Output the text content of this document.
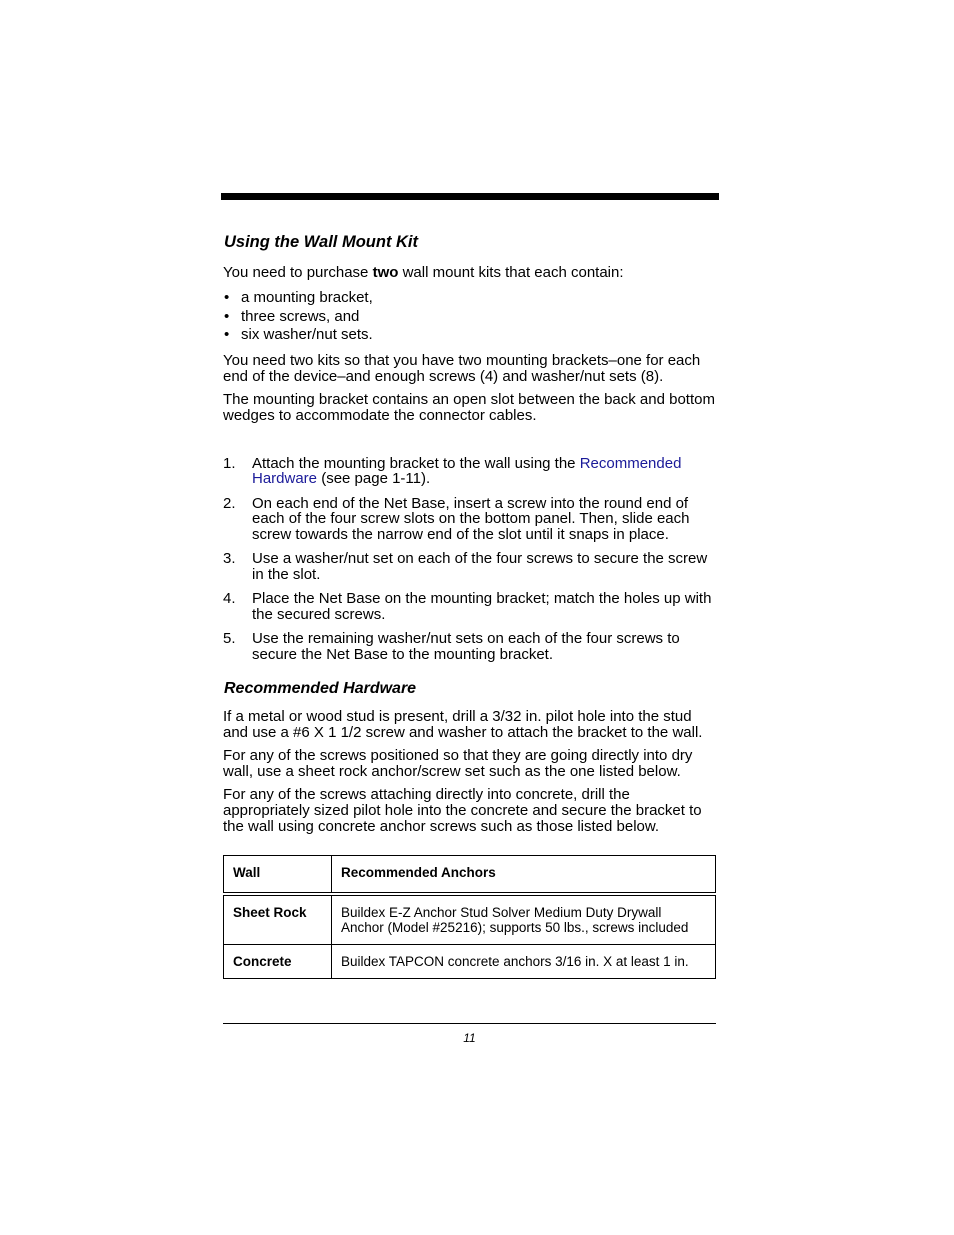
Using the Wall Mount Kit

You need to purchase two wall mount kits that each contain:

• a mounting bracket,
• three screws, and
• six washer/nut sets.

You need two kits so that you have two mounting brackets–one for each end of the device–and enough screws (4) and washer/nut sets (8).

The mounting bracket contains an open slot between the back and bottom wedges to accommodate the connector cables.

1. Attach the mounting bracket to the wall using the Recommended Hardware (see page 1-11).
2. On each end of the Net Base, insert a screw into the round end of each of the four screw slots on the bottom panel. Then, slide each screw towards the narrow end of the slot until it snaps in place.
3. Use a washer/nut set on each of the four screws to secure the screw in the slot.
4. Place the Net Base on the mounting bracket; match the holes up with the secured screws.
5. Use the remaining washer/nut sets on each of the four screws to secure the Net Base to the mounting bracket.
Recommended Hardware

If a metal or wood stud is present, drill a 3/32 in. pilot hole into the stud and use a #6 X 1 1/2 screw and washer to attach the bracket to the wall.

For any of the screws positioned so that they are going directly into dry wall, use a sheet rock anchor/screw set such as the one listed below.

For any of the screws attaching directly into concrete, drill the appropriately sized pilot hole into the concrete and secure the bracket to the wall using concrete anchor screws such as those listed below.

Wall	Recommended Anchors
Sheet Rock	Buildex E-Z Anchor Stud Solver Medium Duty Drywall Anchor (Model #25216); supports 50 lbs., screws included
Concrete	Buildex TAPCON concrete anchors 3/16 in. X at least 1 in.
11
